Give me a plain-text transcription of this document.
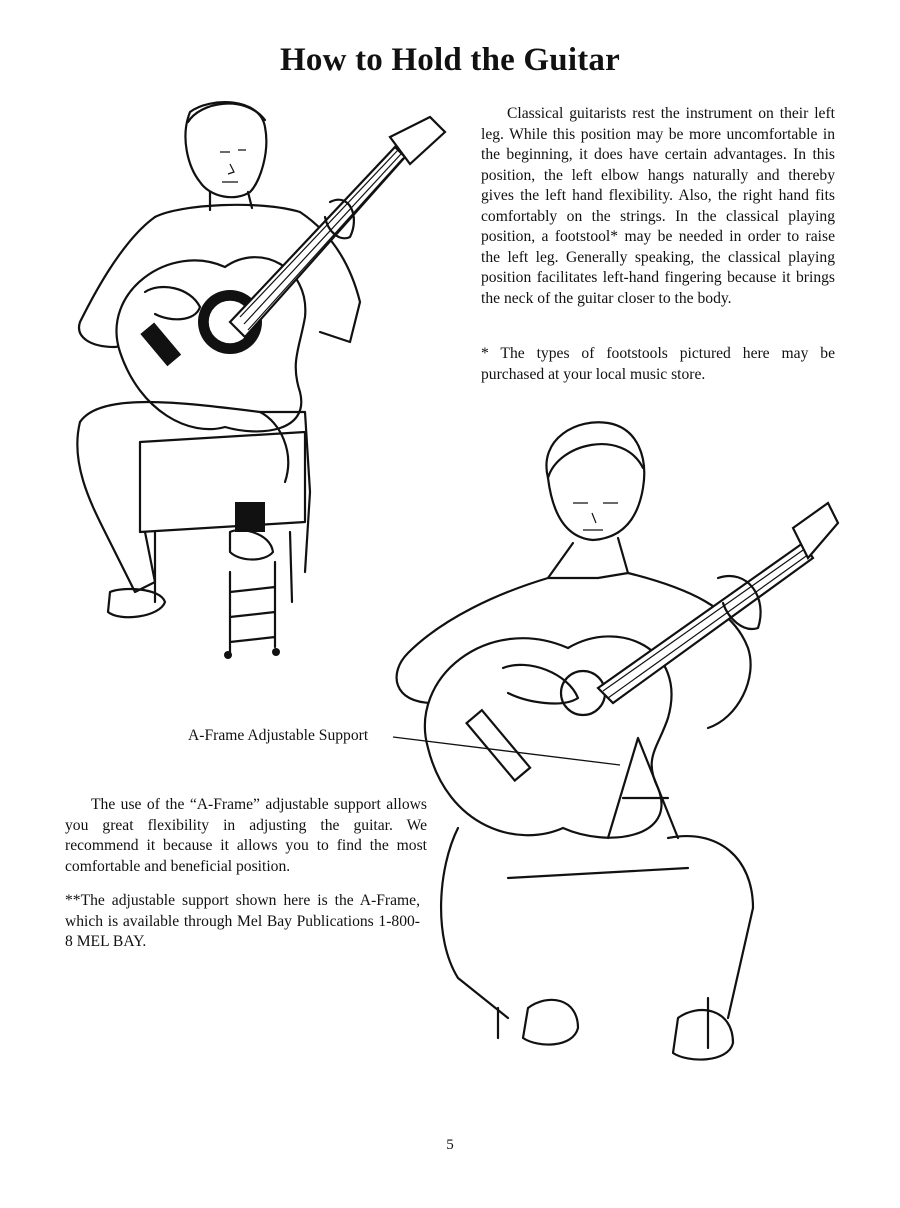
How to Hold the Guitar

Classical guitarists rest the instrument on their left leg. While this position may be more uncomfortable in the beginning, it does have certain advantages. In this position, the left elbow hangs naturally and thereby gives the left hand flexibility. Also, the right hand fits comfortably on the strings. In the classical playing position, a footstool* may be needed in order to raise the left leg. Generally speaking, the classical playing position facilitates left-hand fingering because it brings the neck of the guitar closer to the body.

* The types of footstools pictured here may be purchased at your local music store.
A-Frame Adjustable Support

The use of the “A-Frame” adjustable support allows you great flexibility in adjusting the guitar. We recommend it because it allows you to find the most comfortable and beneficial position.

**The adjustable support shown here is the A-Frame, which is available through Mel Bay Publications 1-800-8 MEL BAY.
5
